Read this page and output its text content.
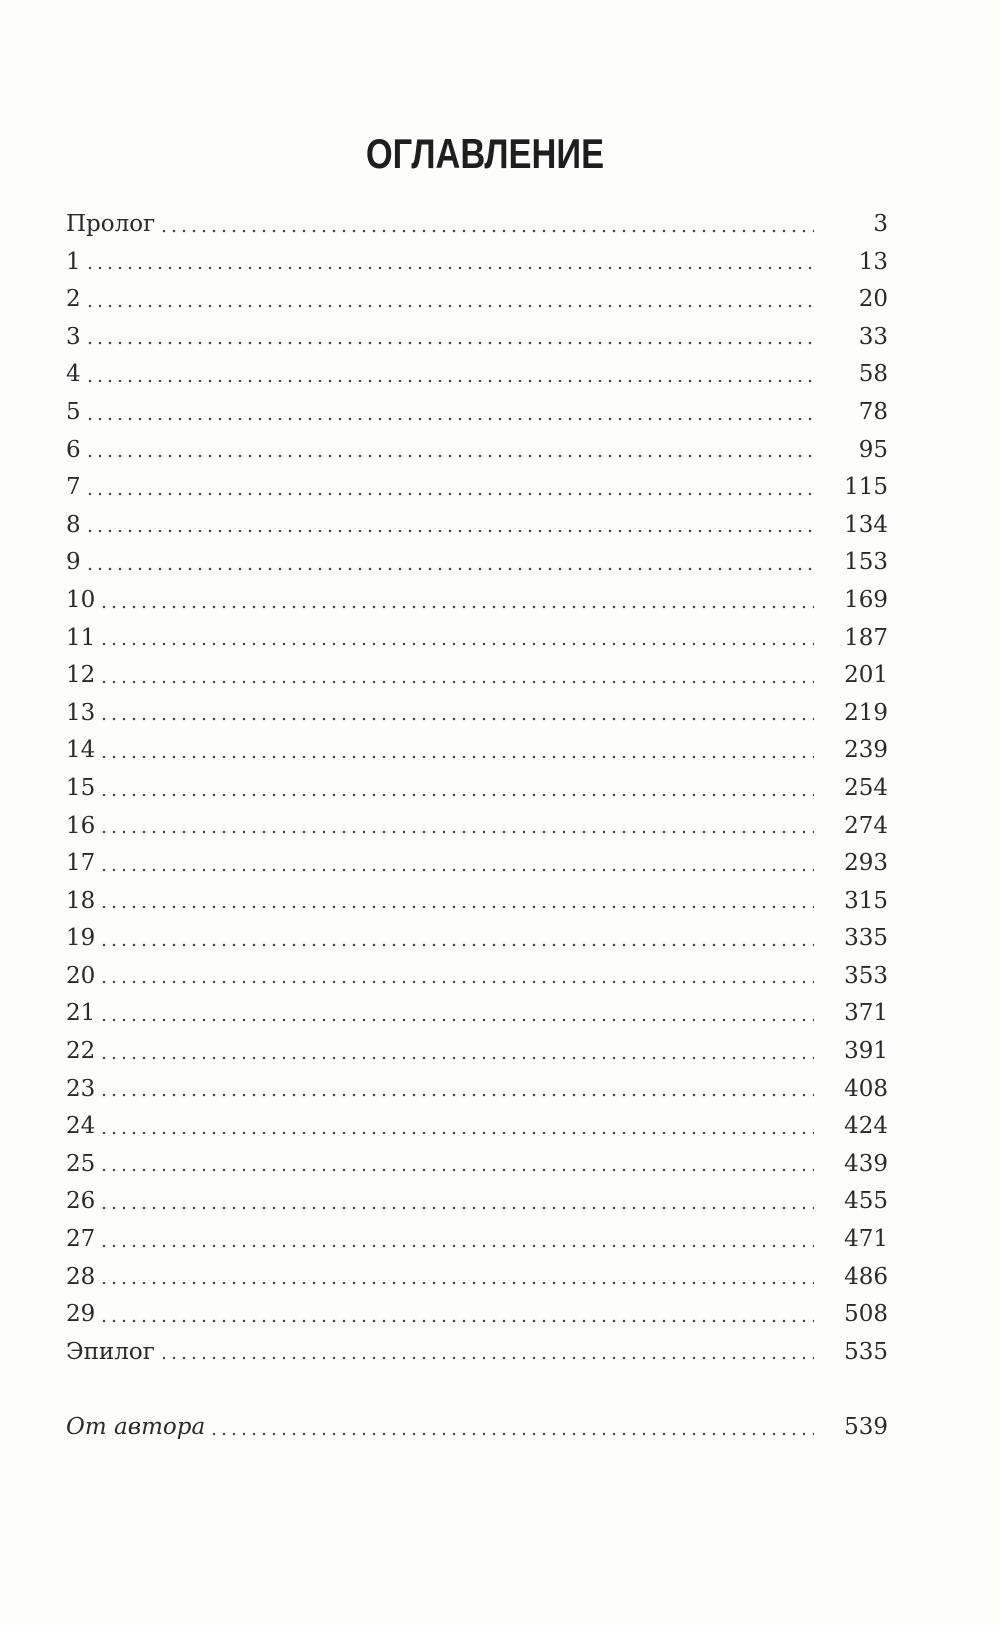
ОГЛАВЛЕНИЕ
Пролог	3
1	13
2	20
3	33
4	58
5	78
6	95
7	115
8	134
9	153
10	169
11	187
12	201
13	219
14	239
15	254
16	274
17	293
18	315
19	335
20	353
21	371
22	391
23	408
24	424
25	439
26	455
27	471
28	486
29	508
Эпилог	535
От автора	539
